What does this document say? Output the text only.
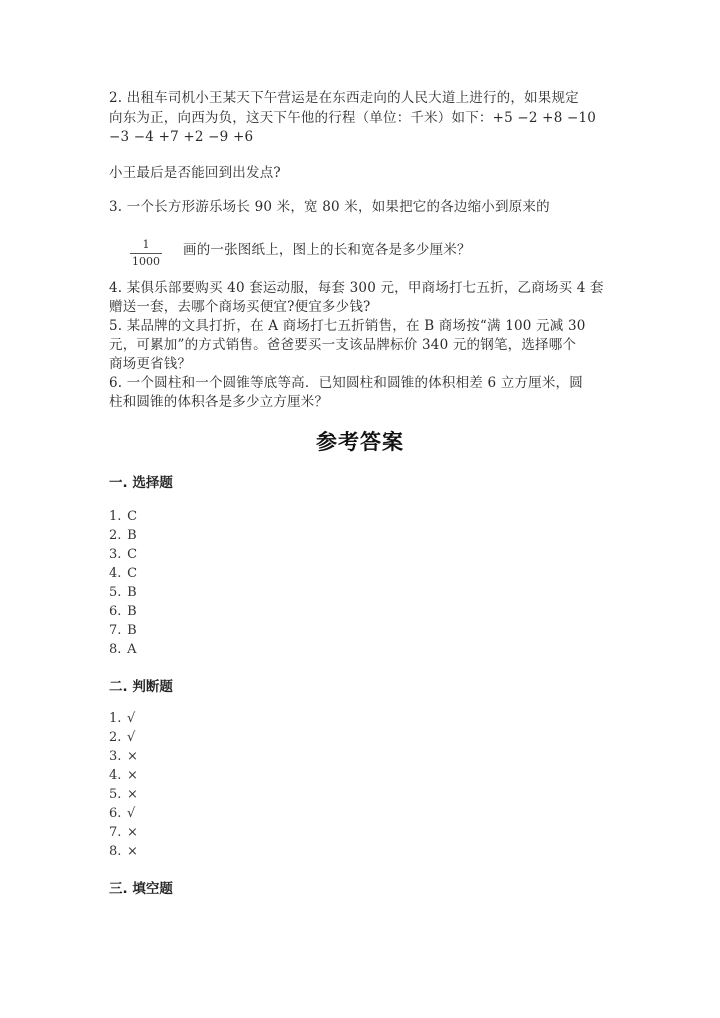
2. 出租车司机小王某天下午营运是在东西走向的人民大道上进行的，如果规定
向东为正，向西为负，这天下午他的行程（单位：千米）如下：+5 −2 +8 −10
−3 −4 +7 +2 −9 +6
小王最后是否能回到出发点?
3. 一个长方形游乐场长 90 米，宽 80 米，如果把它的各边缩小到原来的
$\frac{1}{1000}$ 画的一张图纸上，图上的长和宽各是多少厘米？
4. 某俱乐部要购买 40 套运动服，每套 300 元，甲商场打七五折，乙商场买 4 套
赠送一套，去哪个商场买便宜?便宜多少钱?
5. 某品牌的文具打折，在 A 商场打七五折销售，在 B 商场按“满 100 元减 30
元，可累加”的方式销售。爸爸要买一支该品牌标价 340 元的钢笔，选择哪个
商场更省钱？
6. 一个圆柱和一个圆锥等底等高．已知圆柱和圆锥的体积相差 6 立方厘米，圆
柱和圆锥的体积各是多少立方厘米？
参考答案
一. 选择题
1. C
2. B
3. C
4. C
5. B
6. B
7. B
8. A
二. 判断题
1. √
2. √
3. ×
4. ×
5. ×
6. √
7. ×
8. ×
三. 填空题
